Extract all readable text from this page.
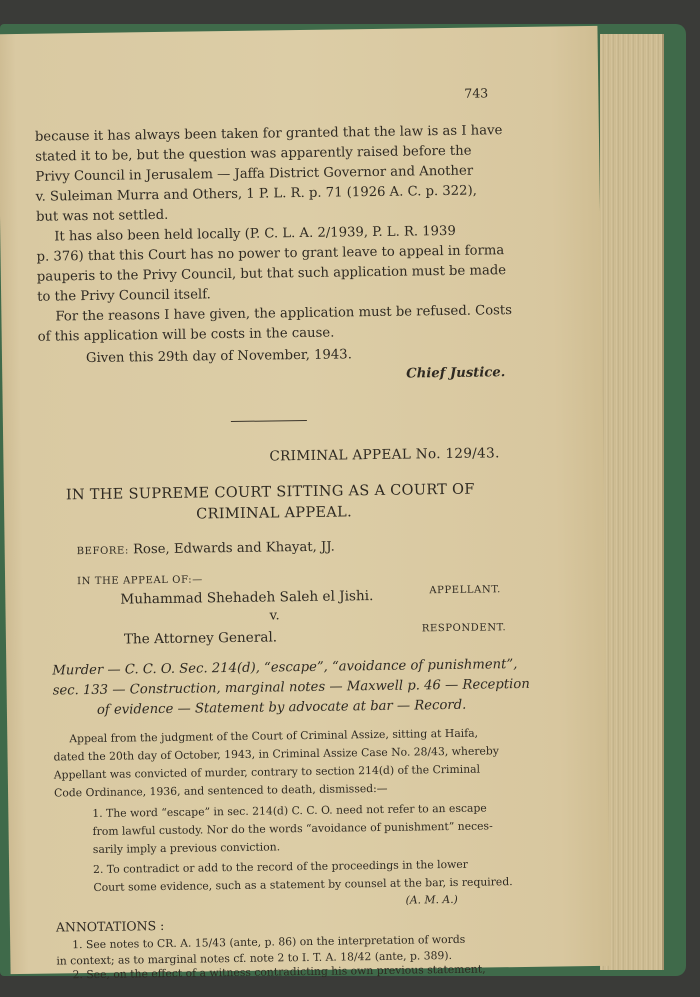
743
because it has always been taken for granted that the law is as I have
stated it to be, but the question was apparently raised before the
Privy Council in Jerusalem — Jaffa District Governor and Another
v. Suleiman Murra and Others, 1 P. L. R. p. 71 (1926 A. C. p. 322),
but was not settled.
It has also been held locally (P. C. L. A. 2/1939, P. L. R. 1939
p. 376) that this Court has no power to grant leave to appeal in forma
pauperis to the Privy Council, but that such application must be made
to the Privy Council itself.
For the reasons I have given, the application must be refused. Costs
of this application will be costs in the cause.
Given this 29th day of November, 1943.
Chief Justice.
CRIMINAL APPEAL No. 129/43.
IN THE SUPREME COURT SITTING AS A COURT OF
CRIMINAL APPEAL.
BEFORE: Rose, Edwards and Khayat, JJ.
IN THE APPEAL OF:—
Muhammad Shehadeh Saleh el Jishi.	APPELLANT.
v.
The Attorney General.
RESPONDENT.
Murder — C. C. O. Sec. 214(d), “escape”, “avoidance of punishment”,
sec. 133 — Construction, marginal notes — Maxwell p. 46 — Reception
of evidence — Statement by advocate at bar — Record.
Appeal from the judgment of the Court of Criminal Assize, sitting at Haifa,
dated the 20th day of October, 1943, in Criminal Assize Case No. 28/43, whereby
Appellant was convicted of murder, contrary to section 214(d) of the Criminal
Code Ordinance, 1936, and sentenced to death, dismissed:—
1. The word “escape” in sec. 214(d) C. C. O. need not refer to an escape
from lawful custody. Nor do the words “avoidance of punishment” neces-
sarily imply a previous conviction.
2. To contradict or add to the record of the proceedings in the lower
Court some evidence, such as a statement by counsel at the bar, is required.
(A. M. A.)
ANNOTATIONS :
1. See notes to CR. A. 15/43 (ante, p. 86) on the interpretation of words
in context; as to marginal notes cf. note 2 to I. T. A. 18/42 (ante, p. 389).
2. See, on the effect of a witness contradicting his own previous statement,
